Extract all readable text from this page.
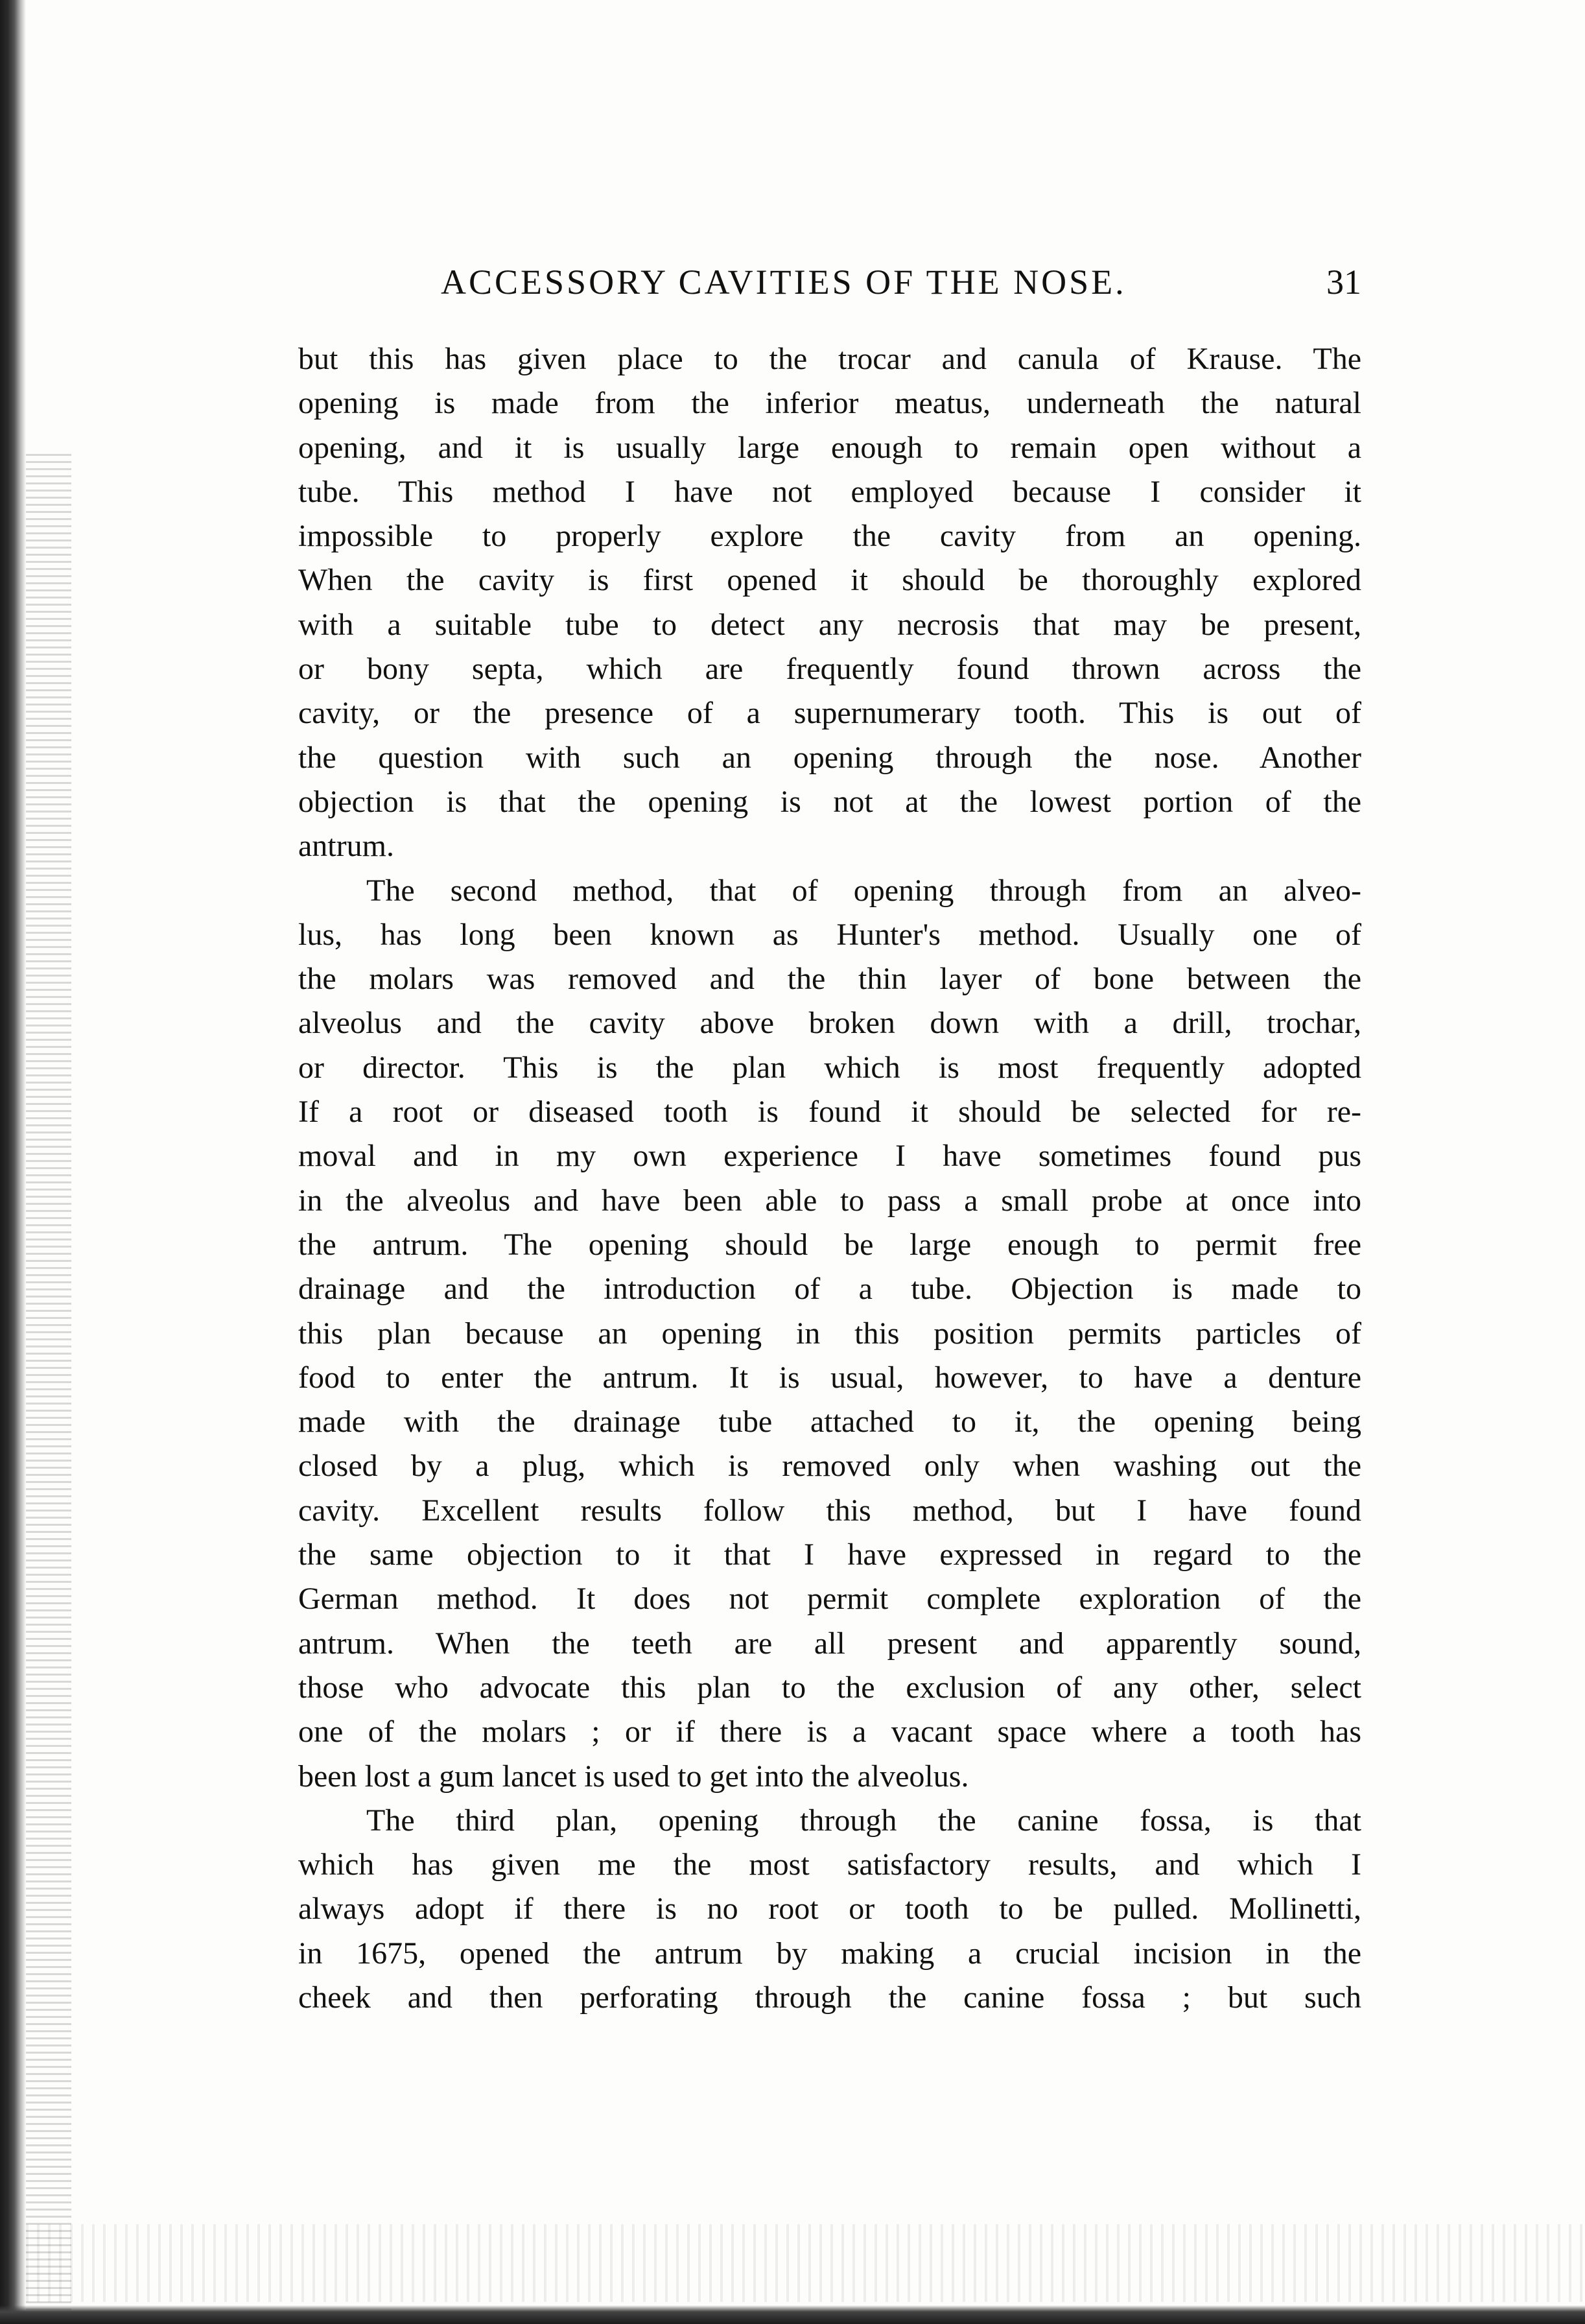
ACCESSORY CAVITIES OF THE NOSE.	31
but this has given place to the trocar and canula of Krause. The
opening is made from the inferior meatus, underneath the natural
opening, and it is usually large enough to remain open without a
tube. This method I have not employed because I consider it
impossible to properly explore the cavity from an opening.
When the cavity is first opened it should be thoroughly explored
with a suitable tube to detect any necrosis that may be present,
or bony septa, which are frequently found thrown across the
cavity, or the presence of a supernumerary tooth. This is out of
the question with such an opening through the nose. Another
objection is that the opening is not at the lowest portion of the
antrum.
The second method, that of opening through from an alveo-
lus, has long been known as Hunter's method. Usually one of
the molars was removed and the thin layer of bone between the
alveolus and the cavity above broken down with a drill, trochar,
or director. This is the plan which is most frequently adopted
If a root or diseased tooth is found it should be selected for re-
moval and in my own experience I have sometimes found pus
in the alveolus and have been able to pass a small probe at once into
the antrum. The opening should be large enough to permit free
drainage and the introduction of a tube. Objection is made to
this plan because an opening in this position permits particles of
food to enter the antrum. It is usual, however, to have a denture
made with the drainage tube attached to it, the opening being
closed by a plug, which is removed only when washing out the
cavity. Excellent results follow this method, but I have found
the same objection to it that I have expressed in regard to the
German method. It does not permit complete exploration of the
antrum. When the teeth are all present and apparently sound,
those who advocate this plan to the exclusion of any other, select
one of the molars ; or if there is a vacant space where a tooth has
been lost a gum lancet is used to get into the alveolus.
The third plan, opening through the canine fossa, is that
which has given me the most satisfactory results, and which I
always adopt if there is no root or tooth to be pulled. Mollinetti,
in 1675, opened the antrum by making a crucial incision in the
cheek and then perforating through the canine fossa ; but such
